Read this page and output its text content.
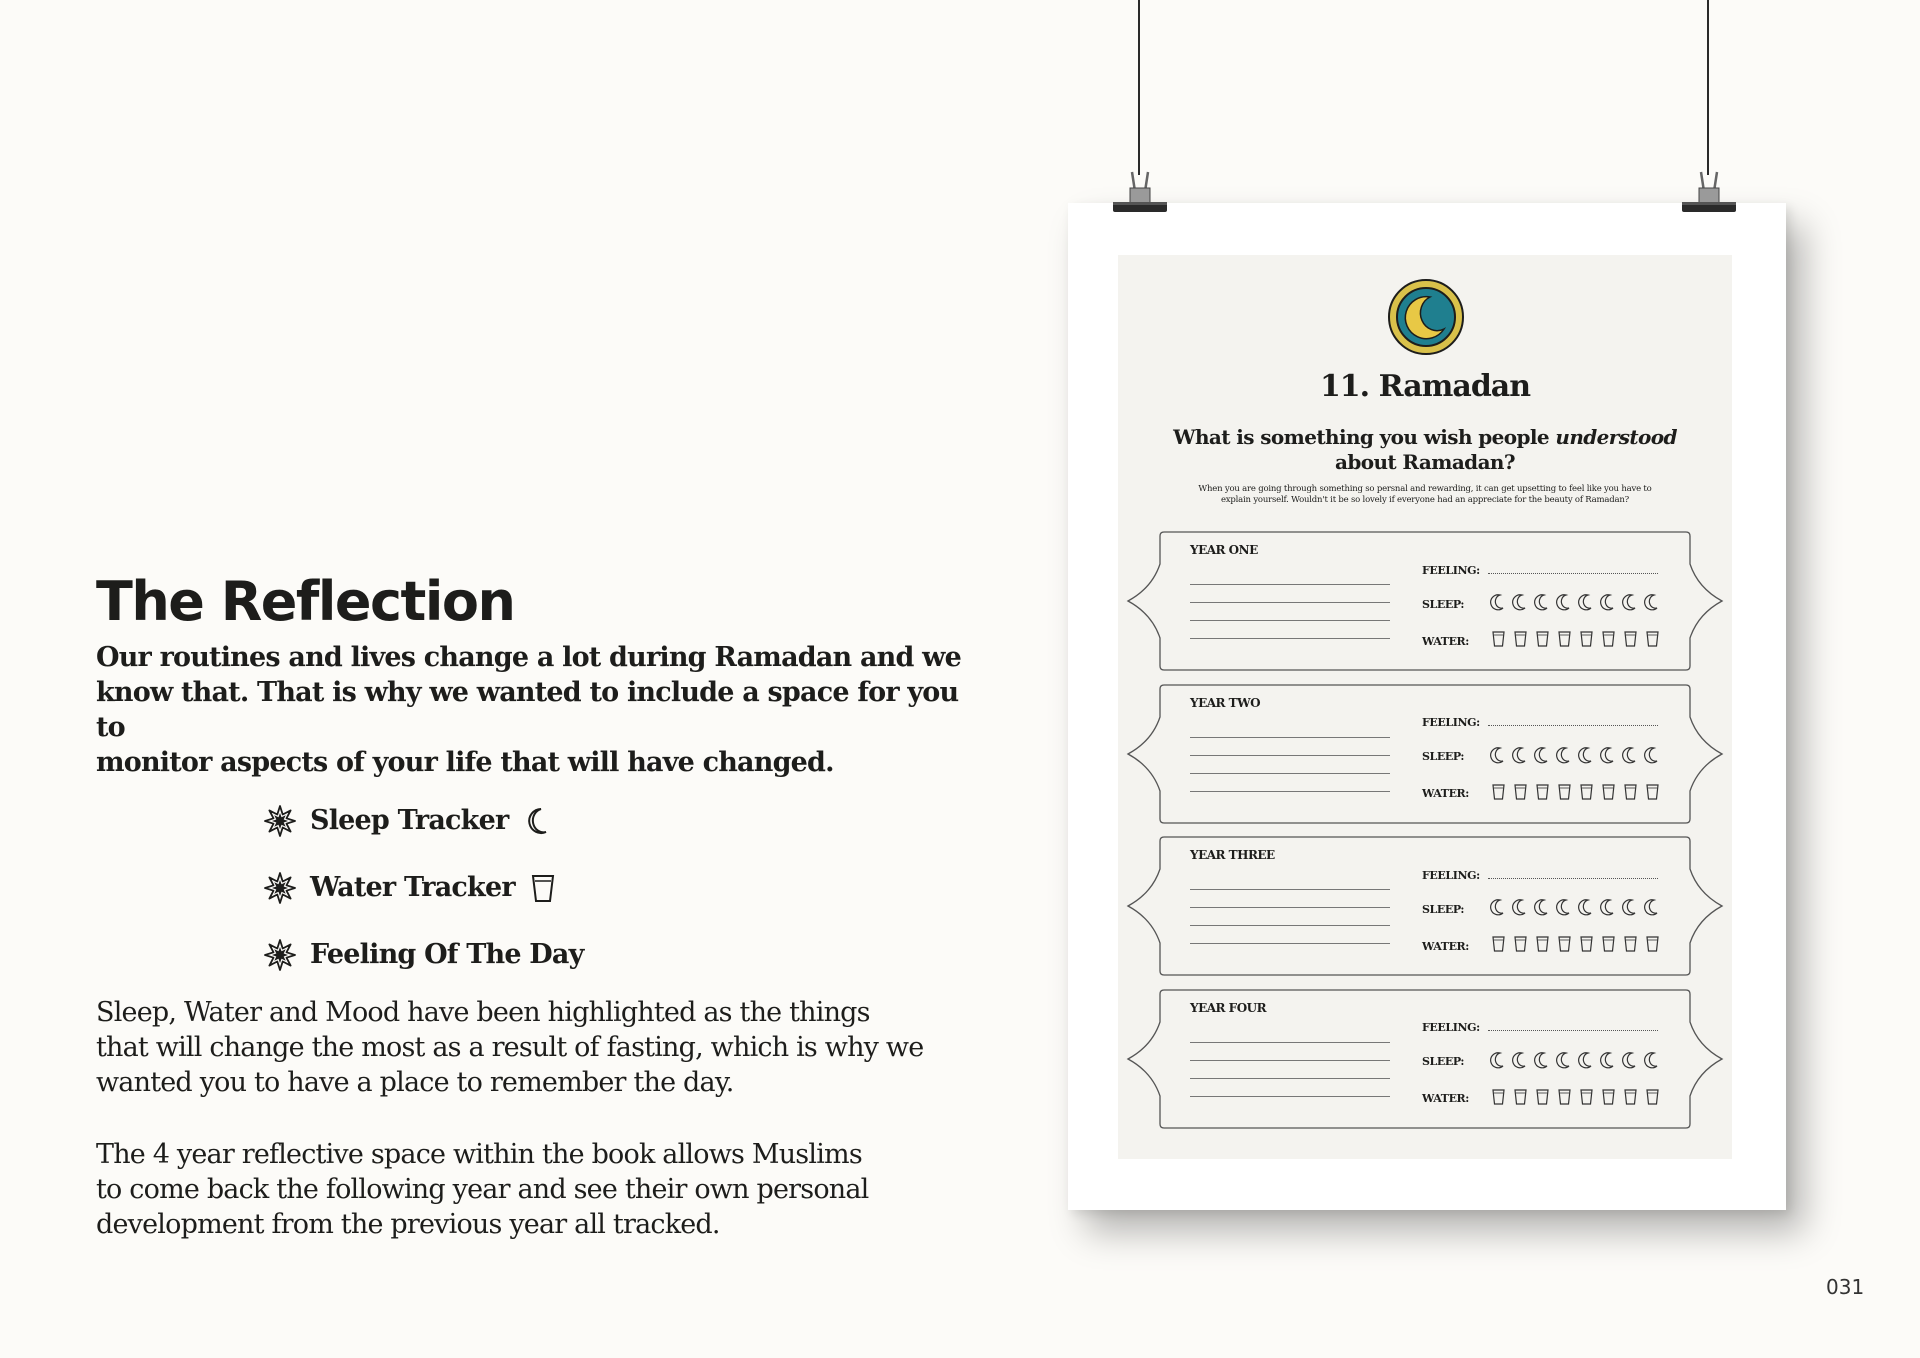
The Reflection

Our routines and lives change a lot during Ramadan and we
know that. That is why we wanted to include a space for you to
monitor aspects of your life that will have changed.

Sleep Tracker
Water Tracker
Feeling Of The Day

Sleep, Water and Mood have been highlighted as the things
that will change the most as a result of fasting, which is why we
wanted you to have a place to remember the day.

The 4 year reflective space within the book allows Muslims
to come back the following year and see their own personal
development from the previous year all tracked.

031
11. Ramadan
What is something you wish people understood
about Ramadan?
When you are going through something so persnal and rewarding, it can get upsetting to feel like you have to
explain yourself. Wouldn't it be so lovely if everyone had an appreciate for the beauty of Ramadan?
YEAR ONE
FEELING:
SLEEP:
WATER:
YEAR TWO
FEELING:
SLEEP:
WATER:
YEAR THREE
FEELING:
SLEEP:
WATER:
YEAR FOUR
FEELING:
SLEEP:
WATER:
